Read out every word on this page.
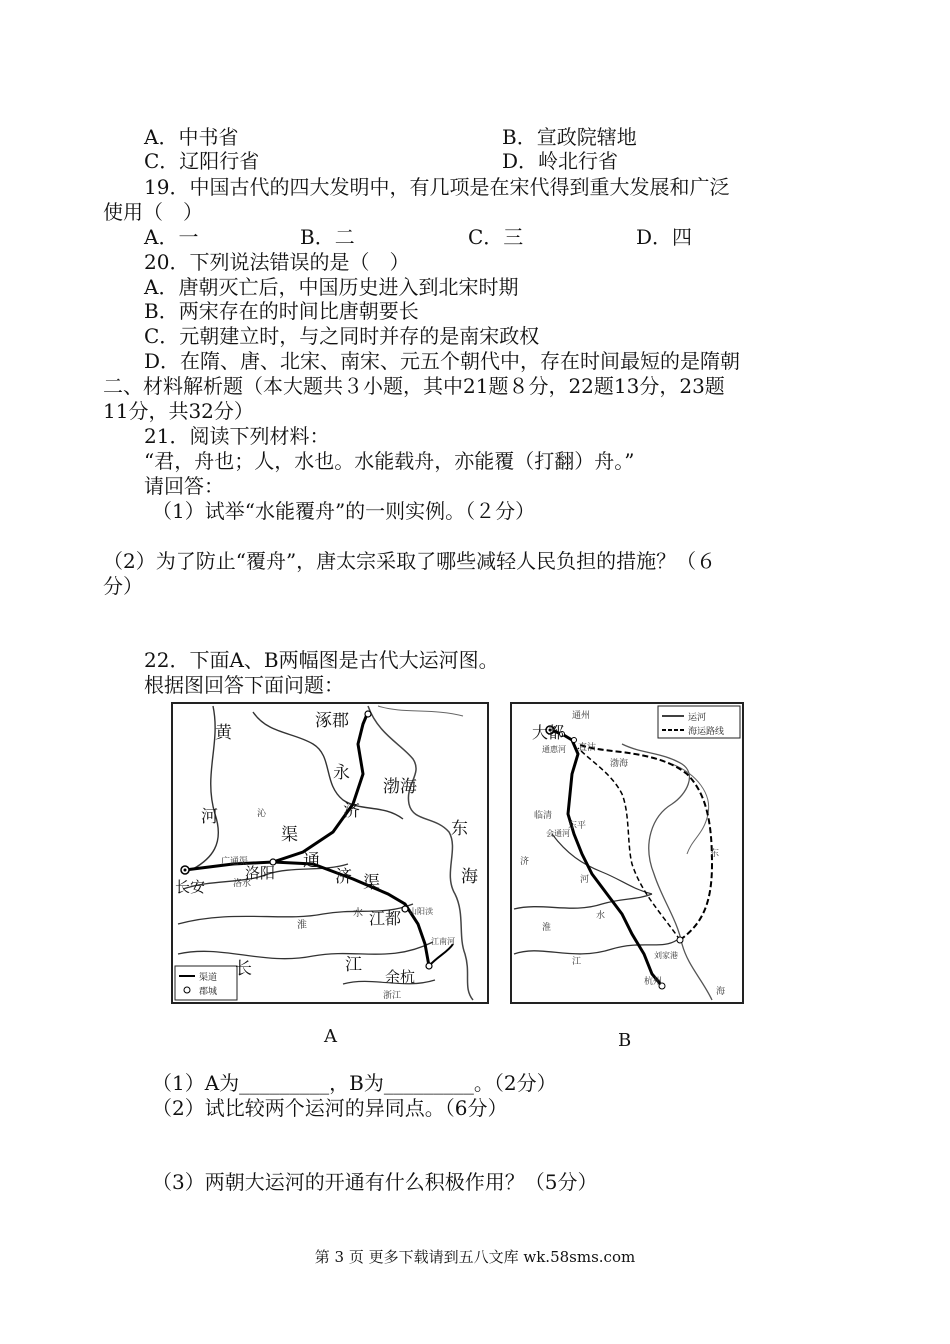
A．中书省	B．宣政院辖地
C．辽阳行省	D．岭北行省
19．中国古代的四大发明中，有几项是在宋代得到重大发展和广泛
使用（　）
A．一	B．二	C．三	D．四
20．下列说法错误的是（　）
A．唐朝灭亡后，中国历史进入到北宋时期
B．两宋存在的时间比唐朝要长
C．元朝建立时，与之同时并存的是南宋政权
D．在隋、唐、北宋、南宋、元五个朝代中，存在时间最短的是隋朝
二、材料解析题（本大题共３小题，其中21题８分，22题13分，23题
11分，共32分）
21．阅读下列材料：
“君，舟也；人，水也。水能载舟，亦能覆（打翻）舟。”
请回答：
（1）试举“水能覆舟”的一则实例。（２分）
（2）为了防止“覆舟”，唐太宗采取了哪些减轻人民负担的措施？（６
分）
22．下面A、B两幅图是古代大运河图。
根据图回答下面问题：
渠道
郡城
涿郡
黄
河
永
济
渤海
渠	东
通
济 渠	海
长安
洛阳
江都
长	江
余杭
淮
水
广通渠
洛水
沁
山阳渎
江南河
浙江
运河
海运路线
大都
通州
通惠河 直沽
渤海
临清
会通河
东平
东
济
河
淮
水
刘家港
杭州
海
江
A	B
（1）A为_________，B为_________。（2分）
（2）试比较两个运河的异同点。（6分）
（3）两朝大运河的开通有什么积极作用？（5分）
第 3 页 更多下载请到五八文库 wk.58sms.com
